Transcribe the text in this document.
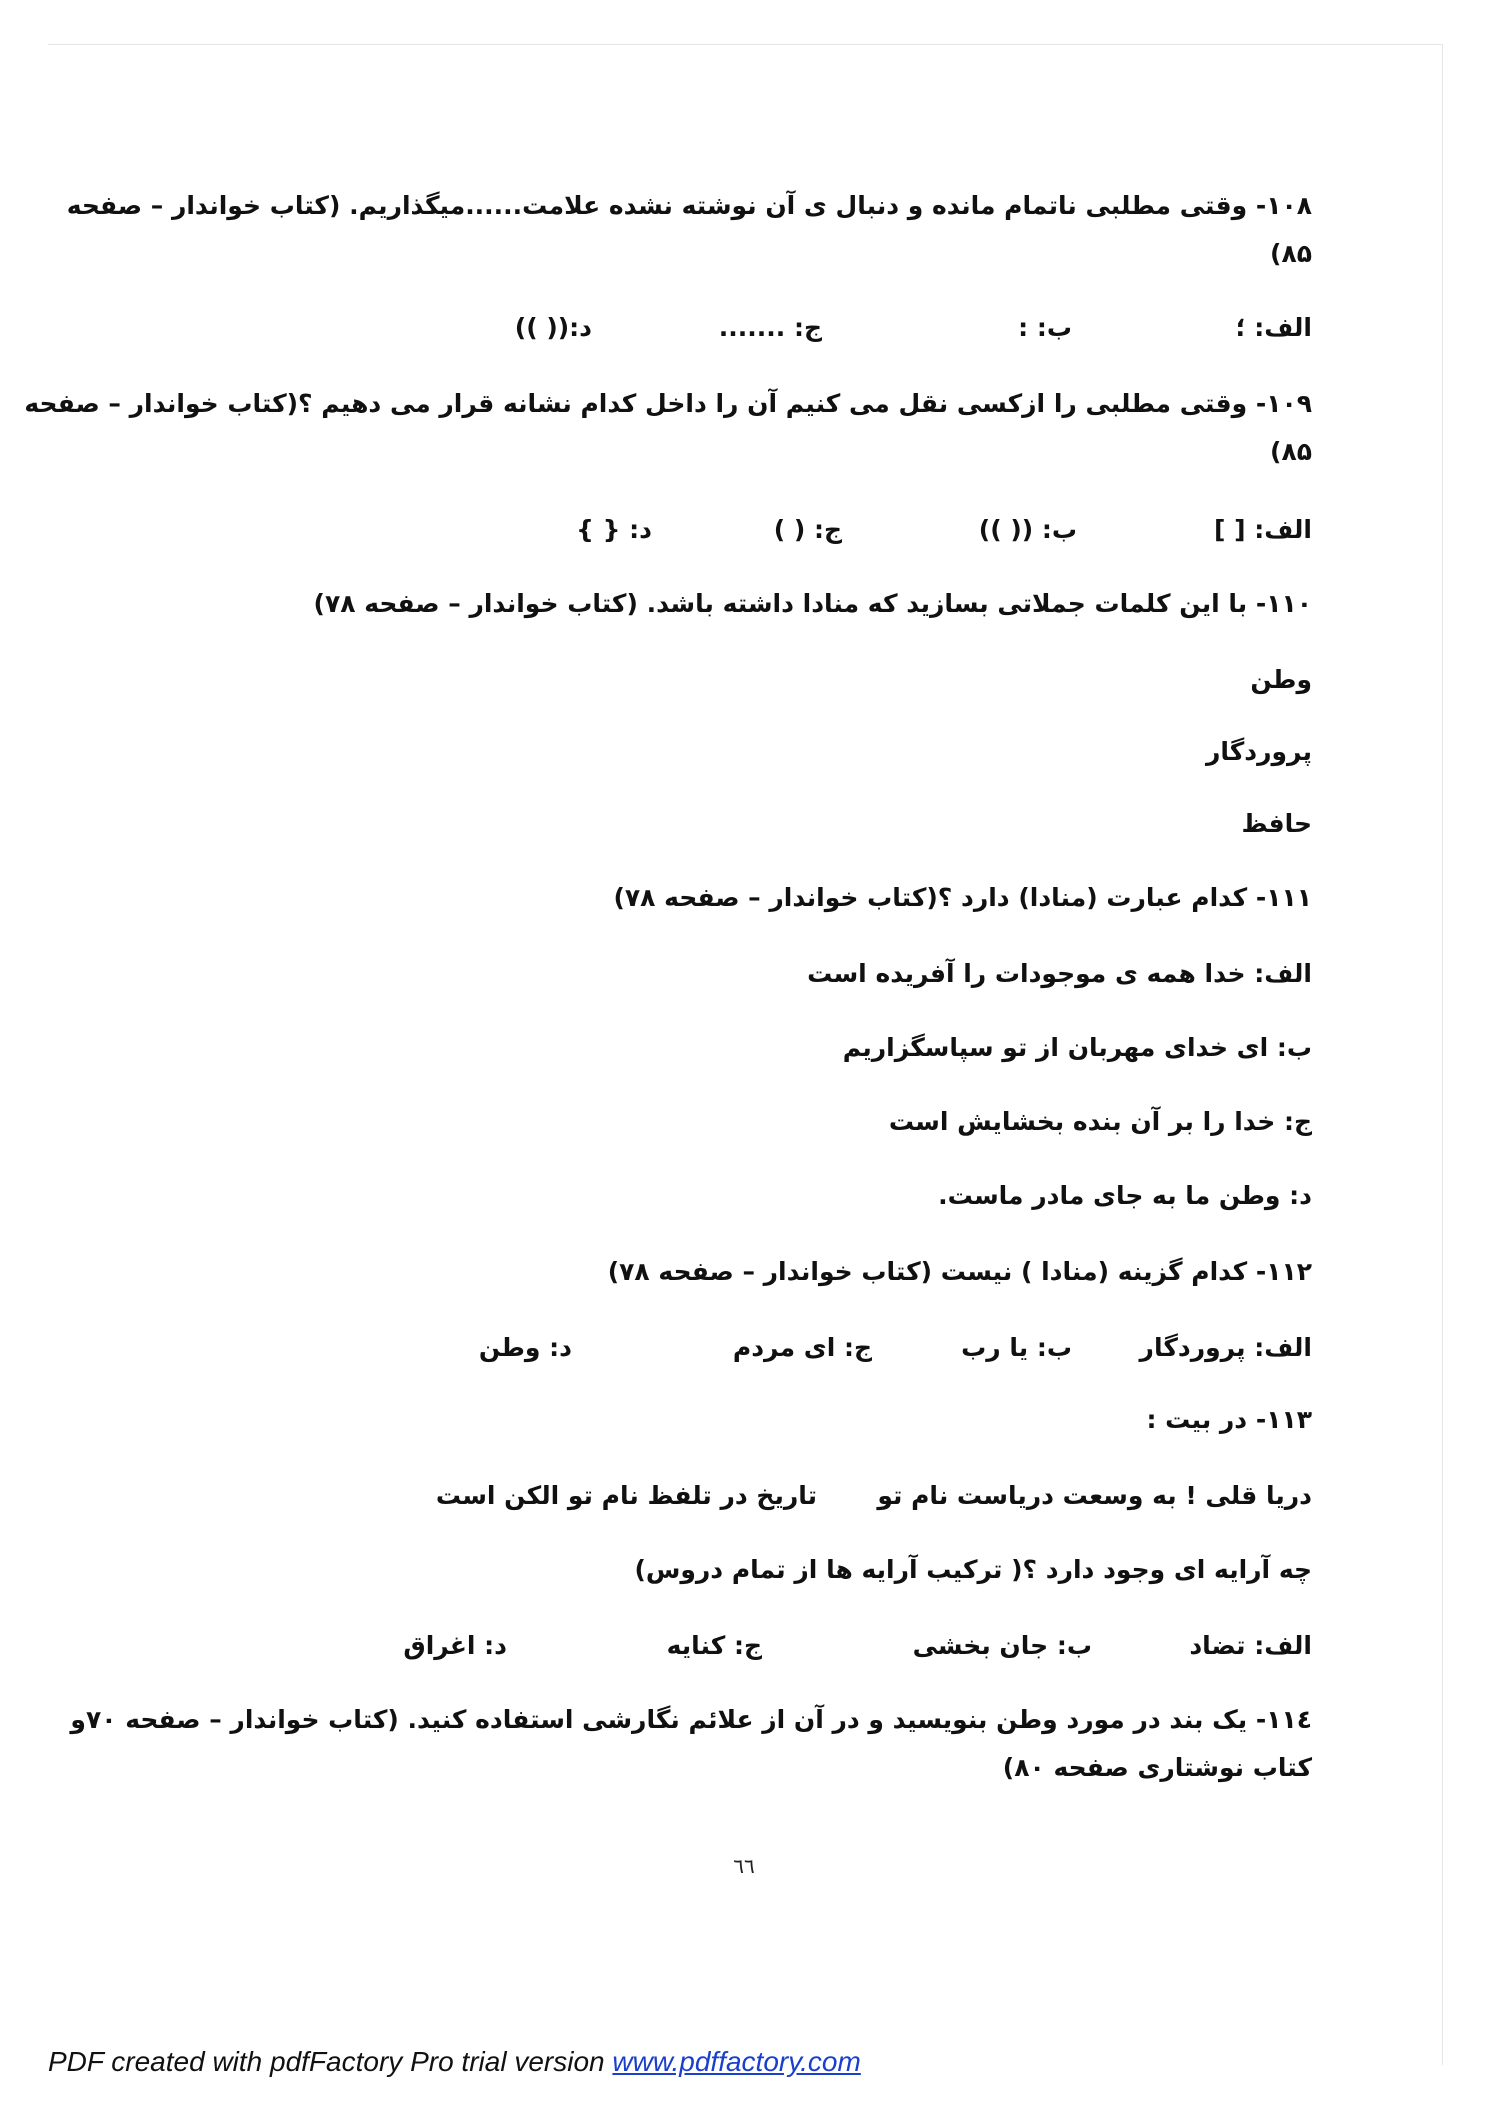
۱۰۸- وقتی مطلبی ناتمام مانده و دنبال ی آن نوشته نشده علامت......میگذاریم. (کتاب خواندار – صفحه
۸۵)
الف: ؛
ب: :
ج: .......
د:(( ))
۱۰۹- وقتی مطلبی را ازکسی نقل می کنیم آن را داخل کدام نشانه قرار می دهیم ؟(کتاب خواندار – صفحه
۸۵)
الف: [ ]
ب: (( ))
ج: ( )
د: { }
۱۱۰- با این کلمات جملاتی بسازید که منادا داشته باشد. (کتاب خواندار – صفحه ۷۸)
وطن
پروردگار
حافظ
۱۱۱- کدام عبارت (منادا) دارد ؟(کتاب خواندار – صفحه ۷۸)
الف: خدا همه ی موجودات را آفریده است
ب: ای خدای مهربان از تو سپاسگزاریم
ج: خدا را بر آن بنده بخشایش است
د: وطن ما به جای مادر ماست.
۱۱۲- کدام گزینه (منادا ) نیست (کتاب خواندار – صفحه ۷۸)
الف: پروردگار
ب: یا رب
ج: ای مردم
د: وطن
۱۱۳- در بیت :
دریا قلی ! به وسعت دریاست نام تو
تاریخ در تلفظ نام تو الکن است
چه آرایه ای وجود دارد ؟( ترکیب آرایه ها از تمام دروس)
الف: تضاد
ب: جان بخشی
ج: کنایه
د: اغراق
۱۱٤- یک بند در مورد وطن بنویسید و در آن از علائم نگارشی استفاده کنید. (کتاب خواندار – صفحه ۷۰و
کتاب نوشتاری صفحه ۸۰)
٦٦
PDF created with pdfFactory Pro trial version www.pdffactory.com
